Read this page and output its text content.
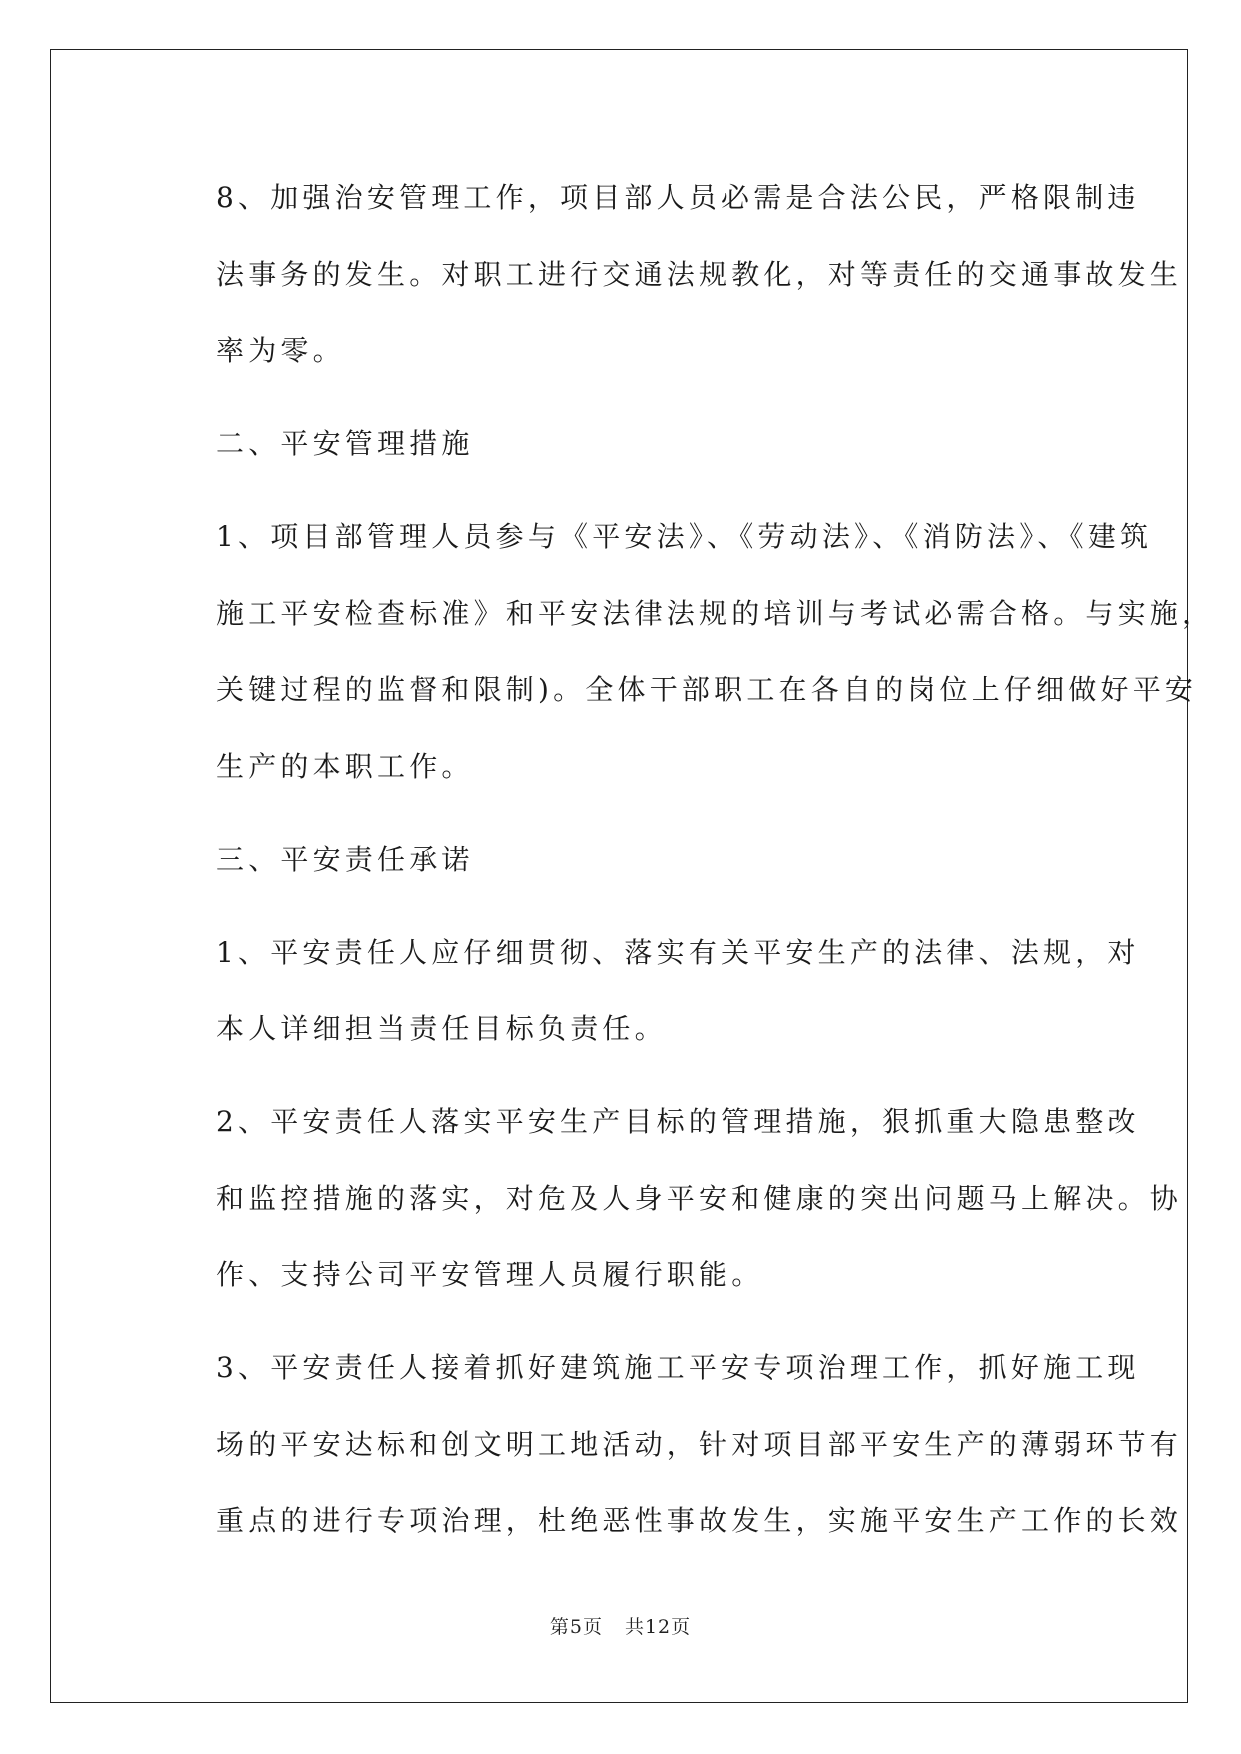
8、加强治安管理工作，项目部人员必需是合法公民，严格限制违
法事务的发生。对职工进行交通法规教化，对等责任的交通事故发生
率为零。

二、平安管理措施

1、项目部管理人员参与《平安法》、《劳动法》、《消防法》、《建筑
施工平安检查标准》和平安法律法规的培训与考试必需合格。与实施，
关键过程的监督和限制)。全体干部职工在各自的岗位上仔细做好平安
生产的本职工作。

三、平安责任承诺

1、平安责任人应仔细贯彻、落实有关平安生产的法律、法规，对
本人详细担当责任目标负责任。

2、平安责任人落实平安生产目标的管理措施，狠抓重大隐患整改
和监控措施的落实，对危及人身平安和健康的突出问题马上解决。协
作、支持公司平安管理人员履行职能。

3、平安责任人接着抓好建筑施工平安专项治理工作，抓好施工现
场的平安达标和创文明工地活动，针对项目部平安生产的薄弱环节有
重点的进行专项治理，杜绝恶性事故发生，实施平安生产工作的长效

第5页 共12页
